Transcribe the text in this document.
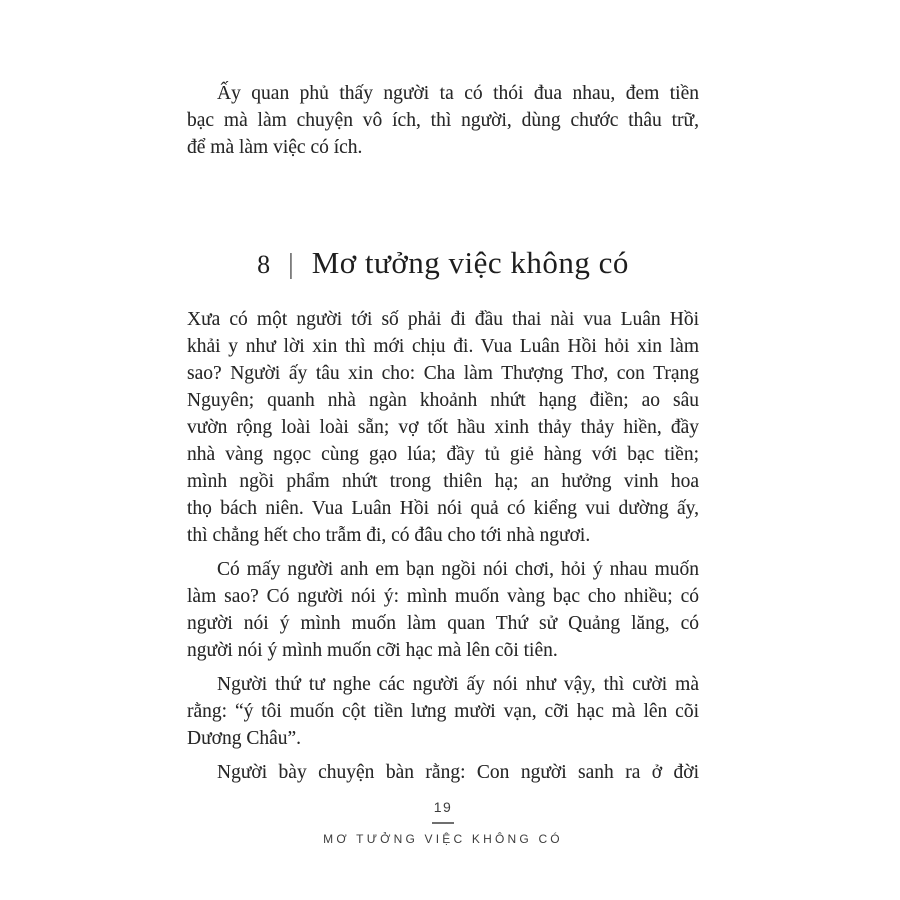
Ấy quan phủ thấy người ta có thói đua nhau, đem tiền
bạc mà làm chuyện vô ích, thì người, dùng chước thâu trữ,
để mà làm việc có ích.
8 | Mơ tưởng việc không có
Xưa có một người tới số phải đi đầu thai nài vua Luân Hồi
khải y như lời xin thì mới chịu đi. Vua Luân Hồi hỏi xin làm
sao? Người ấy tâu xin cho: Cha làm Thượng Thơ, con Trạng
Nguyên; quanh nhà ngàn khoảnh nhứt hạng điền; ao sâu
vườn rộng loài loài sẵn; vợ tốt hầu xinh thảy thảy hiền, đầy
nhà vàng ngọc cùng gạo lúa; đầy tủ giẻ hàng với bạc tiền;
mình ngồi phẩm nhứt trong thiên hạ; an hưởng vinh hoa
thọ bách niên. Vua Luân Hồi nói quả có kiểng vui dường ấy,
thì chẳng hết cho trẫm đi, có đâu cho tới nhà ngươi.
Có mấy người anh em bạn ngồi nói chơi, hỏi ý nhau muốn
làm sao? Có người nói ý: mình muốn vàng bạc cho nhiều; có
người nói ý mình muốn làm quan Thứ sử Quảng lăng, có
người nói ý mình muốn cỡi hạc mà lên cõi tiên.
Người thứ tư nghe các người ấy nói như vậy, thì cười mà
rằng: “ý tôi muốn cột tiền lưng mười vạn, cỡi hạc mà lên cõi
Dương Châu”.
Người bày chuyện bàn rằng: Con người sanh ra ở đời
19
MƠ TƯỞNG VIỆC KHÔNG CÓ
